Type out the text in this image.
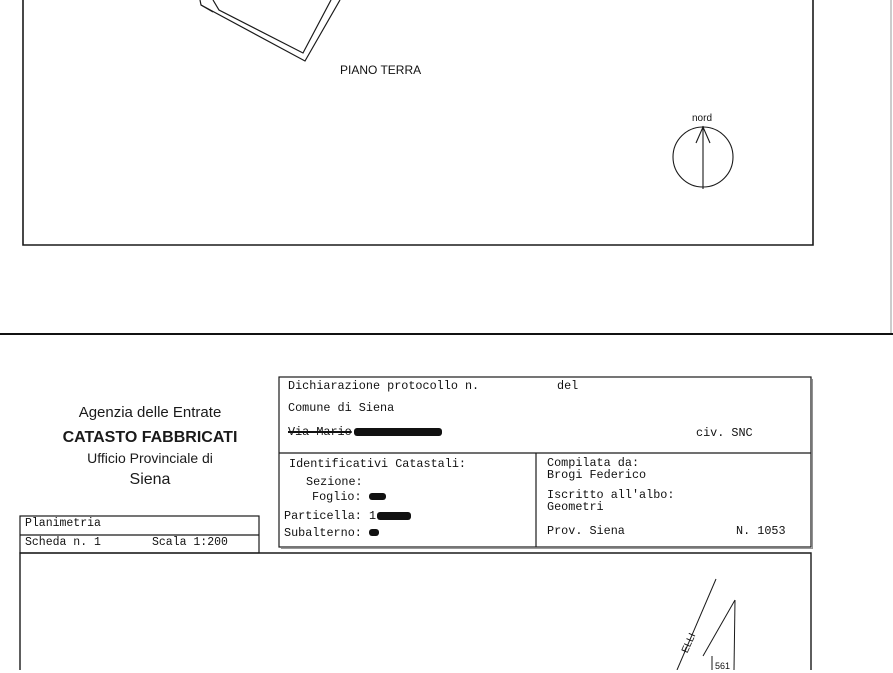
PIANO TERRA
nord
Agenzia delle Entrate
CATASTO FABBRICATI
Ufficio Provinciale di
Siena
Dichiarazione protocollo n.	del
Comune di Siena
Via Mario	civ. SNC
Identificativi Catastali:
Sezione:
Foglio:
Particella: 1
Subalterno:
Compilata da:
Brogi Federico
Iscritto all'albo:
Geometri
Prov. Siena	N. 1053
Planimetria
Scheda n. 1	Scala 1:200
ELLI
561
